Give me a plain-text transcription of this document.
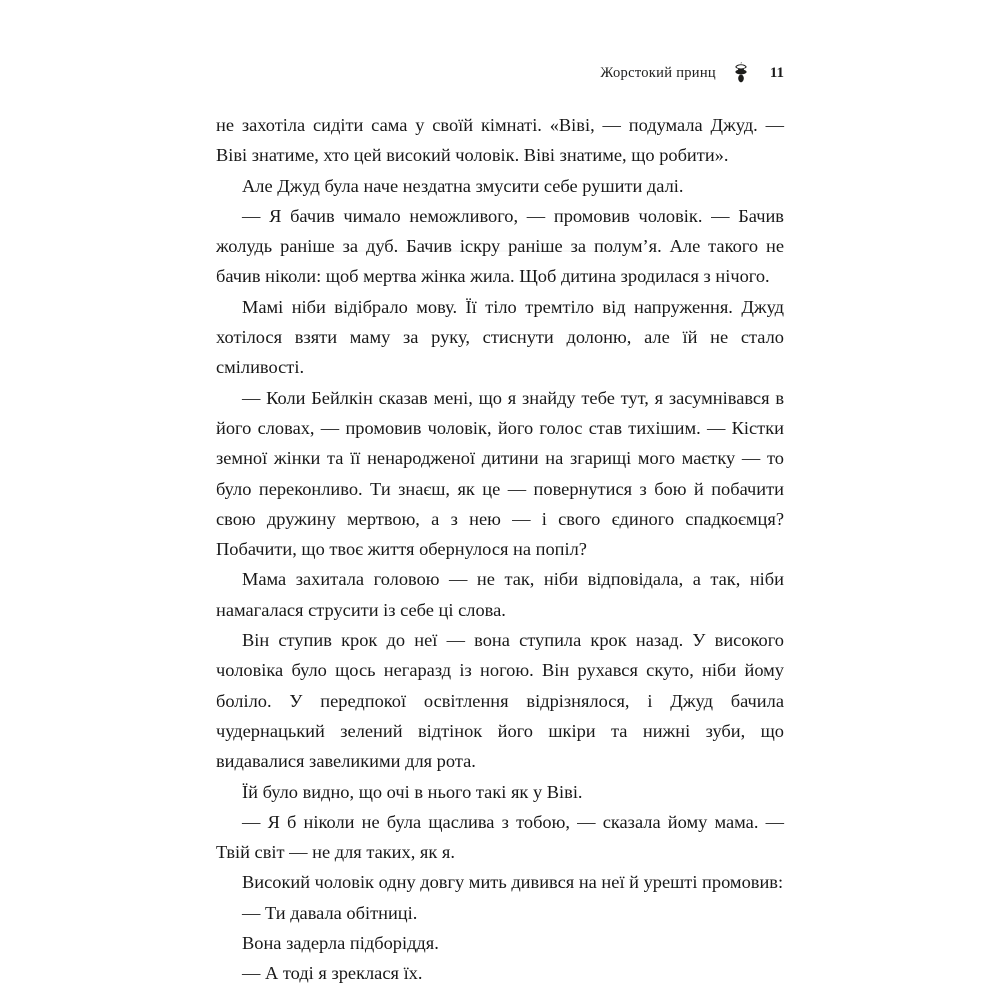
Жорстокий принц	11

не захотіла сидіти сама у своїй кімнаті. «Віві, — подумала Джуд. — Віві знатиме, хто цей високий чоловік. Віві знатиме, що робити».

Але Джуд була наче нездатна змусити себе рушити далі.

— Я бачив чимало неможливого, — промовив чоловік. — Бачив жолудь раніше за дуб. Бачив іскру раніше за полум’я. Але такого не бачив ніколи: щоб мертва жінка жила. Щоб дитина зродилася з нічого.

Мамі ніби відібрало мову. Її тіло тремтіло від напруження. Джуд хотілося взяти маму за руку, стиснути долоню, але їй не стало сміливості.

— Коли Бейлкін сказав мені, що я знайду тебе тут, я засумнівався в його словах, — промовив чоловік, його голос став тихішим. — Кістки земної жінки та її ненародженої дитини на згарищі мого маєтку — то було переконливо. Ти знаєш, як це — повернутися з бою й побачити свою дружину мертвою, а з нею — і свого єдиного спадкоємця? Побачити, що твоє життя обернулося на попіл?

Мама захитала головою — не так, ніби відповідала, а так, ніби намагалася струсити із себе ці слова.

Він ступив крок до неї — вона ступила крок назад. У високого чоловіка було щось негаразд із ногою. Він рухався скуто, ніби йому боліло. У передпокої освітлення відрізнялося, і Джуд бачила чудернацький зелений відтінок його шкіри та нижні зуби, що видавалися завеликими для рота.

Їй було видно, що очі в нього такі як у Віві.

— Я б ніколи не була щаслива з тобою, — сказала йому мама. — Твій світ — не для таких, як я.

Високий чоловік одну довгу мить дивився на неї й урешті промовив:

— Ти давала обітниці.

Вона задерла підборіддя.

— А тоді я зреклася їх.
